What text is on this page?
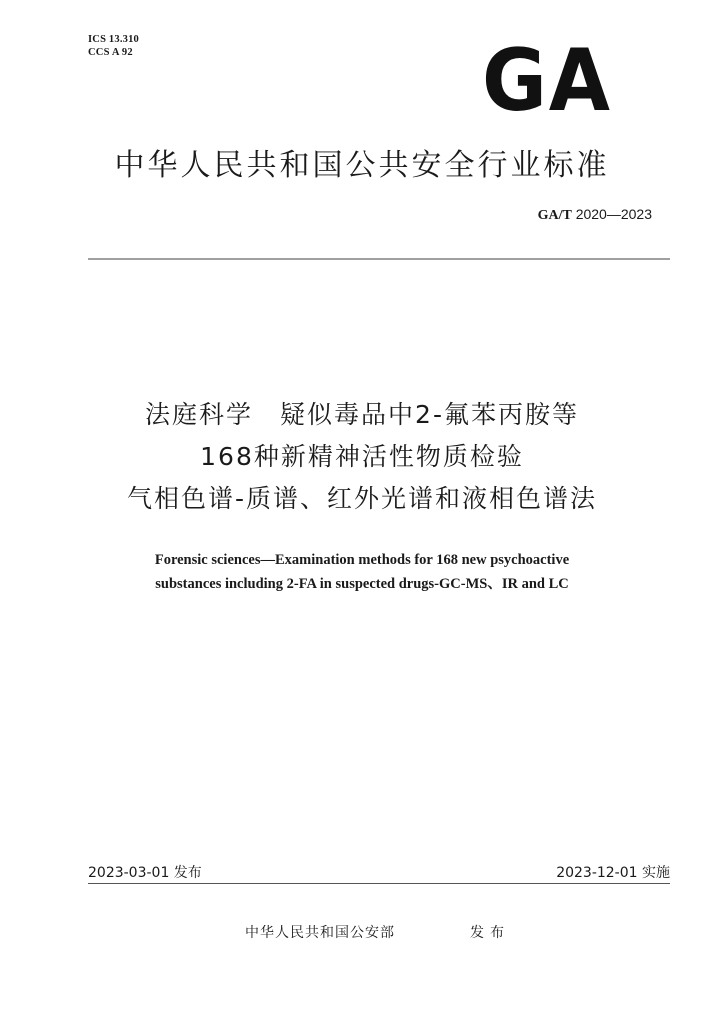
ICS 13.310
CCS A 92	GA
中华人民共和国公共安全行业标准
GA/T 2020—2023
法庭科学　疑似毒品中2-氟苯丙胺等
168种新精神活性物质检验
气相色谱-质谱、红外光谱和液相色谱法
Forensic sciences—Examination methods for 168 new psychoactive
substances including 2-FA in suspected drugs-GC-MS、IR and LC
2023-03-01 发布	2023-12-01 实施
中华人民共和国公安部	发布
